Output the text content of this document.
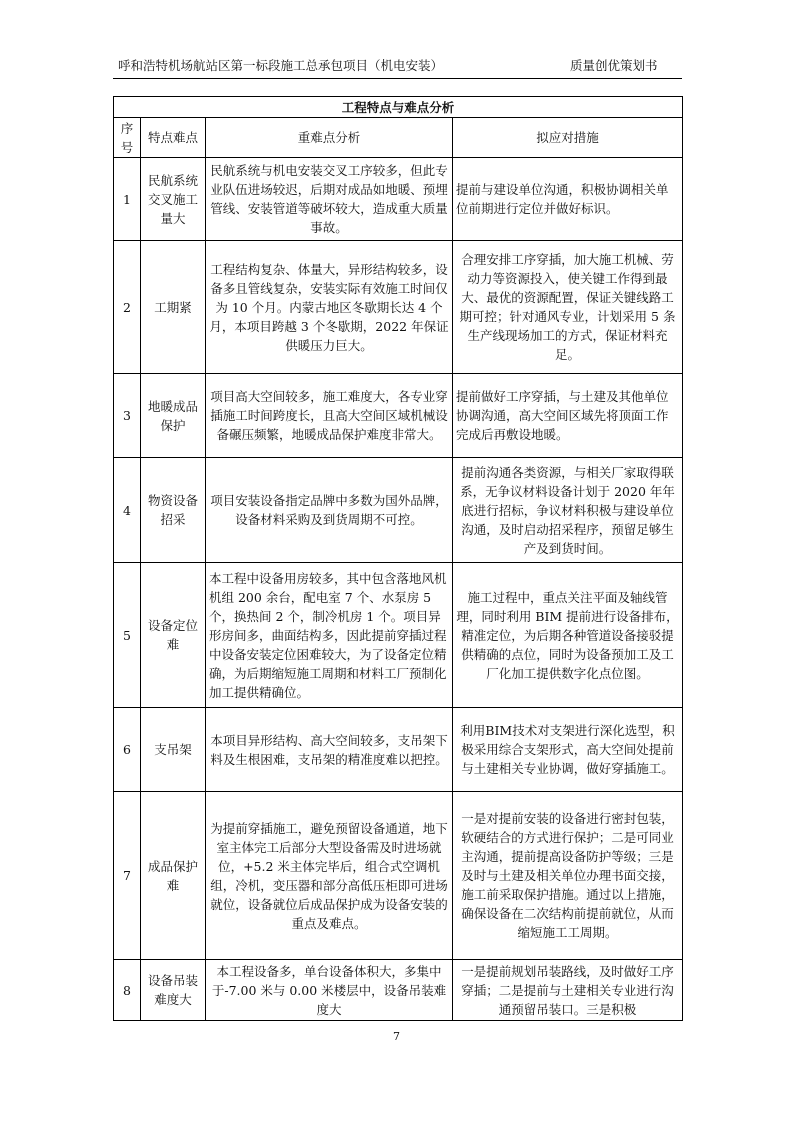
呼和浩特机场航站区第一标段施工总承包项目（机电安装）	质量创优策划书
工程特点与难点分析			
序号	特点难点	重难点分析	拟应对措施
1	民航系统交叉施工量大	民航系统与机电安装交叉工序较多，但此专业队伍进场较迟，后期对成品如地暖、预埋管线、安装管道等破坏较大，造成重大质量事故。	提前与建设单位沟通，积极协调相关单位前期进行定位并做好标识。
2	工期紧	工程结构复杂、体量大，异形结构较多，设备多且管线复杂，安装实际有效施工时间仅为 10 个月。内蒙古地区冬歇期长达 4 个月，本项目跨越 3 个冬歇期，2022 年保证供暖压力巨大。	合理安排工序穿插，加大施工机械、劳动力等资源投入，使关键工作得到最大、最优的资源配置，保证关键线路工期可控；针对通风专业，计划采用 5 条生产线现场加工的方式，保证材料充足。
3	地暖成品保护	项目高大空间较多，施工难度大，各专业穿插施工时间跨度长，且高大空间区域机械设备碾压频繁，地暖成品保护难度非常大。	提前做好工序穿插，与土建及其他单位协调沟通，高大空间区域先将顶面工作完成后再敷设地暖。
4	物资设备招采	项目安装设备指定品牌中多数为国外品牌，设备材料采购及到货周期不可控。	提前沟通各类资源，与相关厂家取得联系，无争议材料设备计划于 2020 年年底进行招标，争议材料积极与建设单位沟通，及时启动招采程序，预留足够生产及到货时间。
5	设备定位难	本工程中设备用房较多，其中包含落地风机机组 200 余台，配电室 7 个、水泵房 5 个，换热间 2 个，制冷机房 1 个。项目异形房间多，曲面结构多，因此提前穿插过程中设备安装定位困难较大，为了设备定位精确，为后期缩短施工周期和材料工厂预制化加工提供精确位。	施工过程中，重点关注平面及轴线管理，同时利用 BIM 提前进行设备排布，精准定位，为后期各种管道设备接驳提供精确的点位，同时为设备预加工及工厂化加工提供数字化点位图。
6	支吊架	本项目异形结构、高大空间较多，支吊架下料及生根困难，支吊架的精准度难以把控。	利用BIM技术对支架进行深化选型，积极采用综合支架形式，高大空间处提前与土建相关专业协调，做好穿插施工。
7	成品保护难	为提前穿插施工，避免预留设备通道，地下室主体完工后部分大型设备需及时进场就位，+5.2 米主体完毕后，组合式空调机组，冷机，变压器和部分高低压柜即可进场就位，设备就位后成品保护成为设备安装的重点及难点。	一是对提前安装的设备进行密封包装，软硬结合的方式进行保护；二是可同业主沟通，提前提高设备防护等级；三是及时与土建及相关单位办理书面交接，施工前采取保护措施。通过以上措施，确保设备在二次结构前提前就位，从而缩短施工工周期。
8	设备吊装难度大	本工程设备多，单台设备体积大，多集中于-7.00 米与 0.00 米楼层中，设备吊装难度大	一是提前规划吊装路线，及时做好工序穿插；二是提前与土建相关专业进行沟通预留吊装口。三是积极
7
